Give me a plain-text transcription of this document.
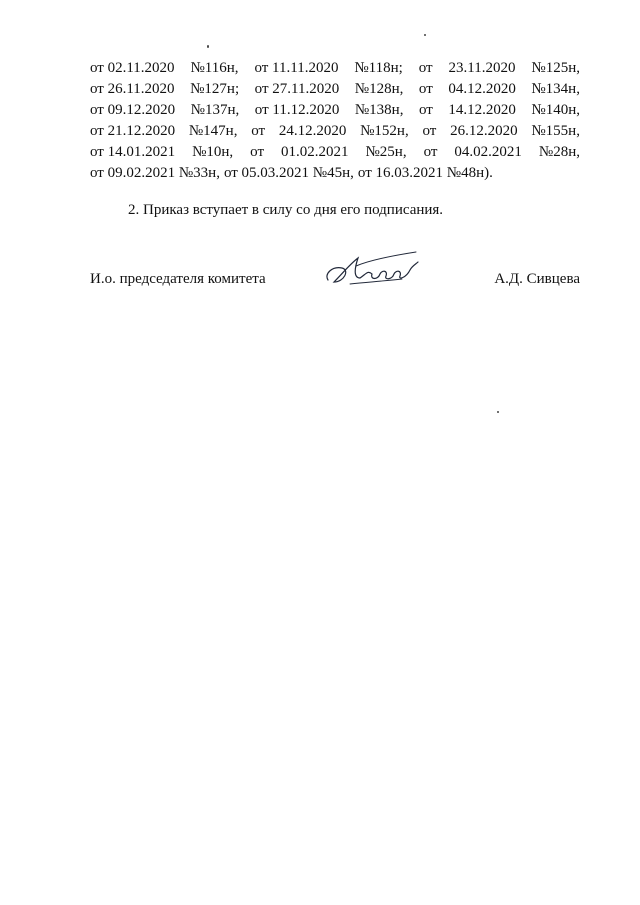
от 02.11.2020 №116н, от 11.11.2020 №118н; от 23.11.2020 №125н,
от 26.11.2020 №127н; от 27.11.2020 №128н, от 04.12.2020 №134н,
от 09.12.2020 №137н, от 11.12.2020 №138н, от 14.12.2020 №140н,
от 21.12.2020 №147н, от 24.12.2020 №152н, от 26.12.2020 №155н,
от 14.01.2021 №10н, от 01.02.2021 №25н, от 04.02.2021 №28н,
от 09.02.2021 №33н, от 05.03.2021 №45н, от 16.03.2021 №48н).
2. Приказ вступает в силу со дня его подписания.
И.о. председателя комитета	А.Д. Сивцева
